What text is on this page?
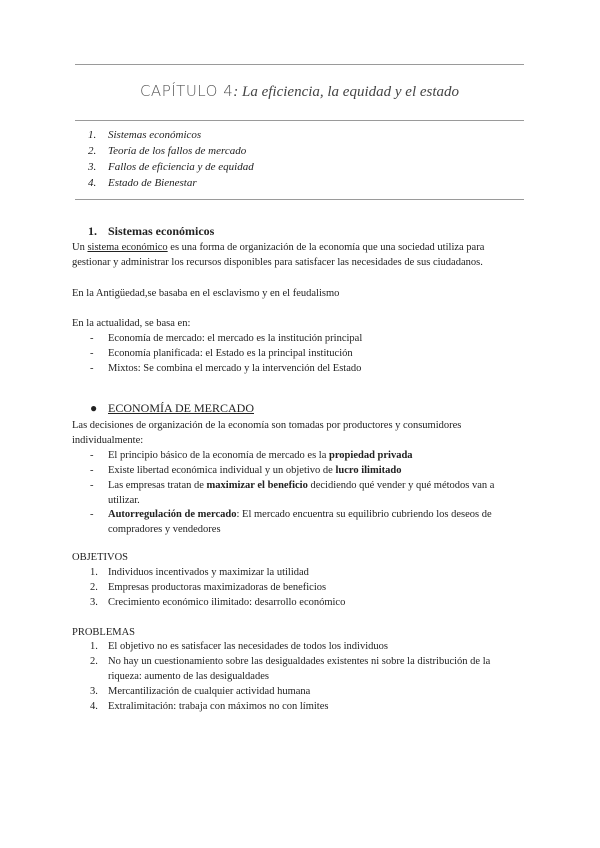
CAPÍTULO 4: La eficiencia, la equidad y el estado
1.	Sistemas económicos
2.	Teoría de los fallos de mercado
3.	Fallos de eficiencia y de equidad
4.	Estado de Bienestar
1. Sistemas económicos
Un sistema económico es una forma de organización de la economía que una sociedad utiliza para gestionar y administrar los recursos disponibles para satisfacer las necesidades de sus ciudadanos.
En la Antigüedad,se basaba en el esclavismo y en el feudalismo
En la actualidad, se basa en:
-	Economía de mercado: el mercado es la institución principal
-	Economía planificada: el Estado es la principal institución
-	Mixtos: Se combina el mercado y la intervención del Estado
● ECONOMÍA DE MERCADO
Las decisiones de organización de la economía son tomadas por productores y consumidores individualmente:
-	El principio básico de la economía de mercado es la propiedad privada
-	Existe libertad económica individual y un objetivo de lucro ilimitado
-	Las empresas tratan de maximizar el beneficio decidiendo qué vender y qué métodos van a utilizar.
-	Autorregulación de mercado: El mercado encuentra su equilibrio cubriendo los deseos de compradores y vendedores
OBJETIVOS
1. Individuos incentivados y maximizar la utilidad
2. Empresas productoras maximizadoras de beneficios
3. Crecimiento económico ilimitado: desarrollo económico
PROBLEMAS
1. El objetivo no es satisfacer las necesidades de todos los individuos
2. No hay un cuestionamiento sobre las desigualdades existentes ni sobre la distribución de la riqueza: aumento de las desigualdades
3. Mercantilización de cualquier actividad humana
4. Extralimitación: trabaja con máximos no con límites
